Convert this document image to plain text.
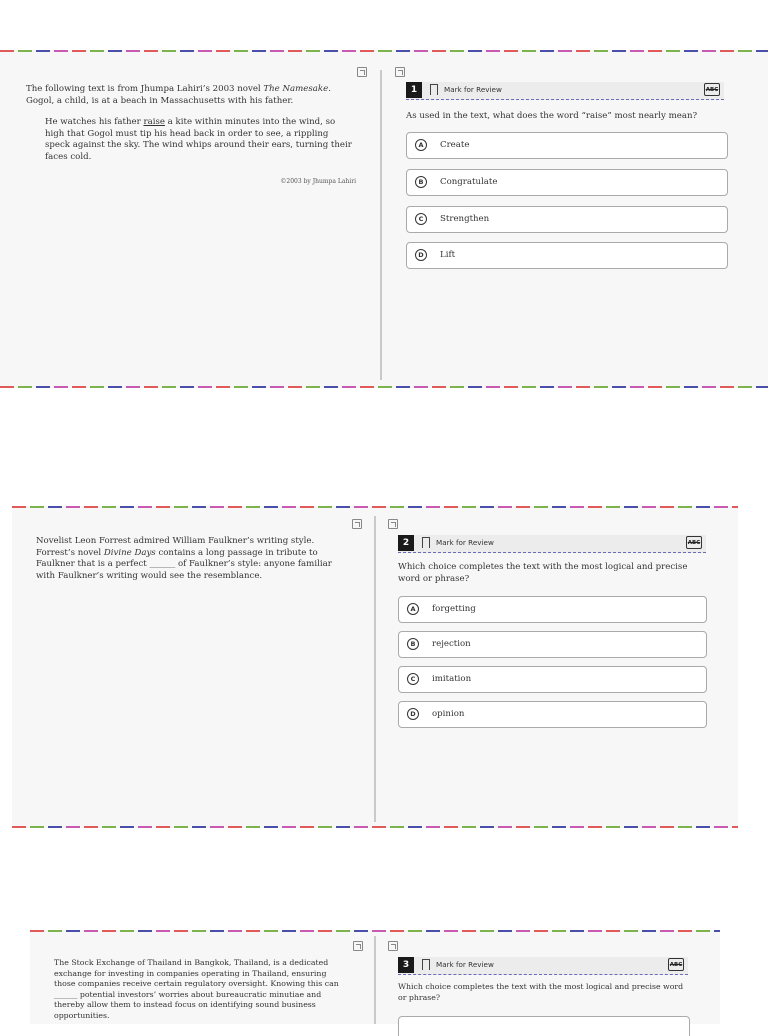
The following text is from Jhumpa Lahiri’s 2003 novel The Namesake. Gogol, a child, is at a beach in Massachusetts with his father.

He watches his father raise a kite within minutes into the wind, so high that Gogol must tip his head back in order to see, a rippling speck against the sky. The wind whips around their ears, turning their faces cold.

©2003 by Jhumpa Lahiri

1	Mark for Review	ABC
As used in the text, what does the word “raise” most nearly mean?
A	Create
B	Congratulate
C	Strengthen
D	Lift

Novelist Leon Forrest admired William Faulkner’s writing style. Forrest’s novel Divine Days contains a long passage in tribute to Faulkner that is a perfect ______ of Faulkner’s style: anyone familiar with Faulkner’s writing would see the resemblance.

2	Mark for Review	ABC
Which choice completes the text with the most logical and precise word or phrase?
A	forgetting
B	rejection
C	imitation
D	opinion

The Stock Exchange of Thailand in Bangkok, Thailand, is a dedicated exchange for investing in companies operating in Thailand, ensuring those companies receive certain regulatory oversight. Knowing this can ______ potential investors’ worries about bureaucratic minutiae and thereby allow them to instead focus on identifying sound business opportunities.

3	Mark for Review	ABC
Which choice completes the text with the most logical and precise word or phrase?
